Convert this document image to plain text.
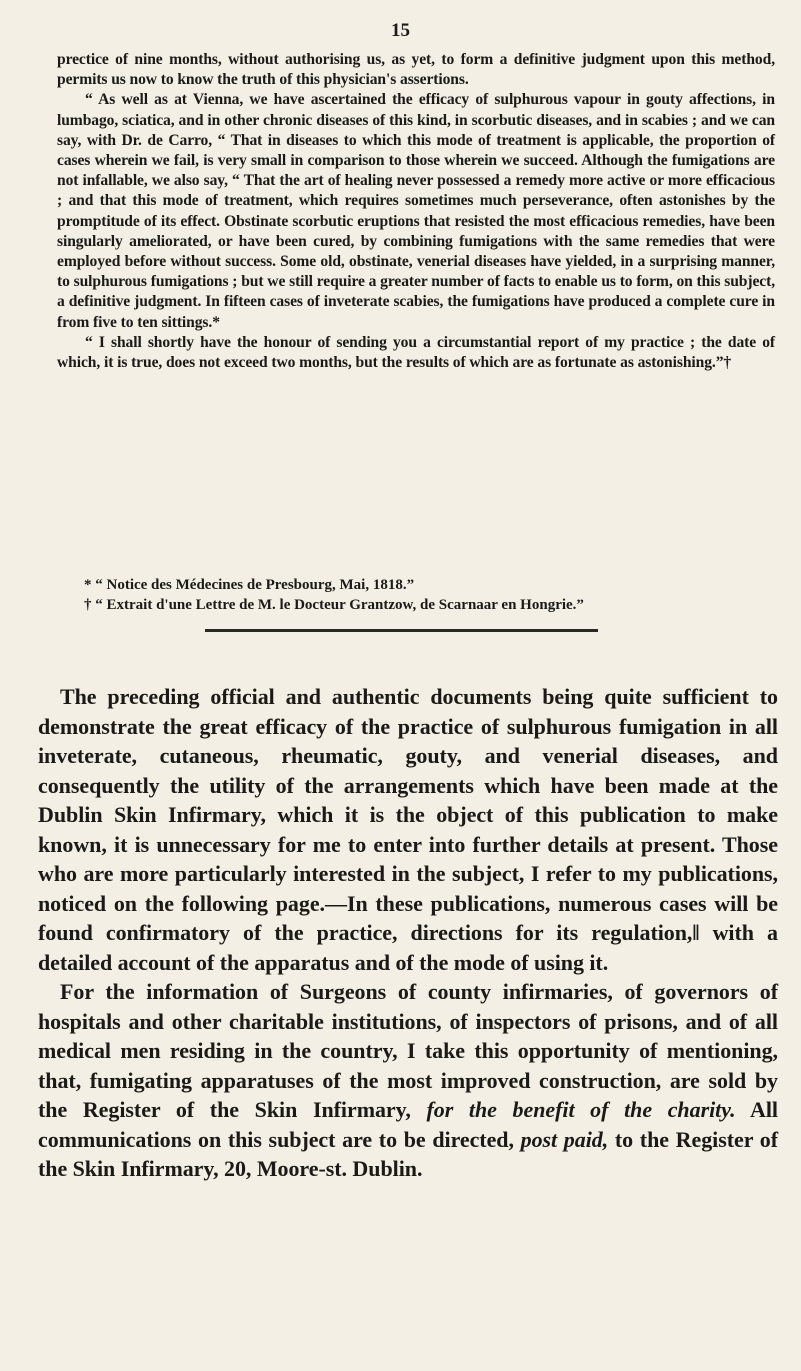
15

prectice of nine months, without authorising us, as yet, to form a definitive judgment upon this method, permits us now to know the truth of this physician's assertions.

“ As well as at Vienna, we have ascertained the efficacy of sulphurous vapour in gouty affections, in lumbago, sciatica, and in other chronic diseases of this kind, in scorbutic diseases, and in scabies ; and we can say, with Dr. de Carro, “ That in diseases to which this mode of treatment is applicable, the proportion of cases wherein we fail, is very small in comparison to those wherein we succeed. Although the fumigations are not infallable, we also say, “ That the art of healing never possessed a remedy more active or more efficacious ; and that this mode of treatment, which requires sometimes much perseverance, often astonishes by the promptitude of its effect. Obstinate scorbutic eruptions that resisted the most efficacious remedies, have been singularly ameliorated, or have been cured, by combining fumigations with the same remedies that were employed before without success. Some old, obstinate, venerial diseases have yielded, in a surprising manner, to sulphurous fumigations ; but we still require a greater number of facts to enable us to form, on this subject, a definitive judgment. In fifteen cases of inveterate scabies, the fumigations have produced a complete cure in from five to ten sittings.*

“ I shall shortly have the honour of sending you a circumstantial report of my practice ; the date of which, it is true, does not exceed two months, but the results of which are as fortunate as astonishing.”†

* “ Notice des Médecines de Presbourg, Mai, 1818.”

† “ Extrait d'une Lettre de M. le Docteur Grantzow, de Scarnaar en Hongrie.”

The preceding official and authentic documents being quite sufficient to demonstrate the great efficacy of the practice of sulphurous fumigation in all inveterate, cutaneous, rheumatic, gouty, and venerial diseases, and consequently the utility of the arrangements which have been made at the Dublin Skin Infirmary, which it is the object of this publication to make known, it is unnecessary for me to enter into further details at present. Those who are more particularly interested in the subject, I refer to my publications, noticed on the following page.—In these publications, numerous cases will be found confirmatory of the practice, directions for its regulation,‖ with a detailed account of the apparatus and of the mode of using it.

For the information of Surgeons of county infirmaries, of governors of hospitals and other charitable institutions, of inspectors of prisons, and of all medical men residing in the country, I take this opportunity of mentioning, that, fumigating apparatuses of the most improved construction, are sold by the Register of the Skin Infirmary, for the benefit of the charity. All communications on this subject are to be directed, post paid, to the Register of the Skin Infirmary, 20, Moore-st. Dublin.
